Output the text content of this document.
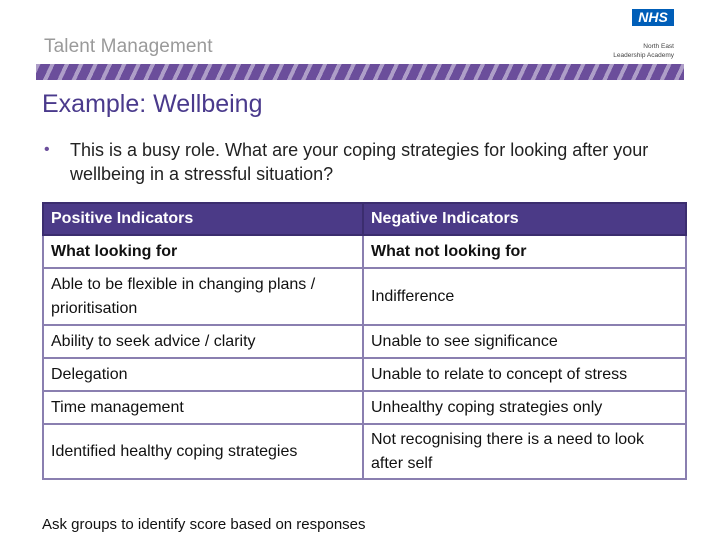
Talent Management
NHS
North East
Leadership Academy
Example: Wellbeing
•	This is a busy role. What are your coping strategies for looking after your wellbeing in a stressful situation?
Positive Indicators	Negative Indicators
What looking for	What not looking for
Able to be flexible in changing plans / prioritisation	Indifference
Ability to seek advice / clarity	Unable to see significance
Delegation	Unable to relate to concept of stress
Time management	Unhealthy coping strategies only
Identified healthy coping strategies	Not recognising there is a need to look after self
Ask groups to identify score based on responses
